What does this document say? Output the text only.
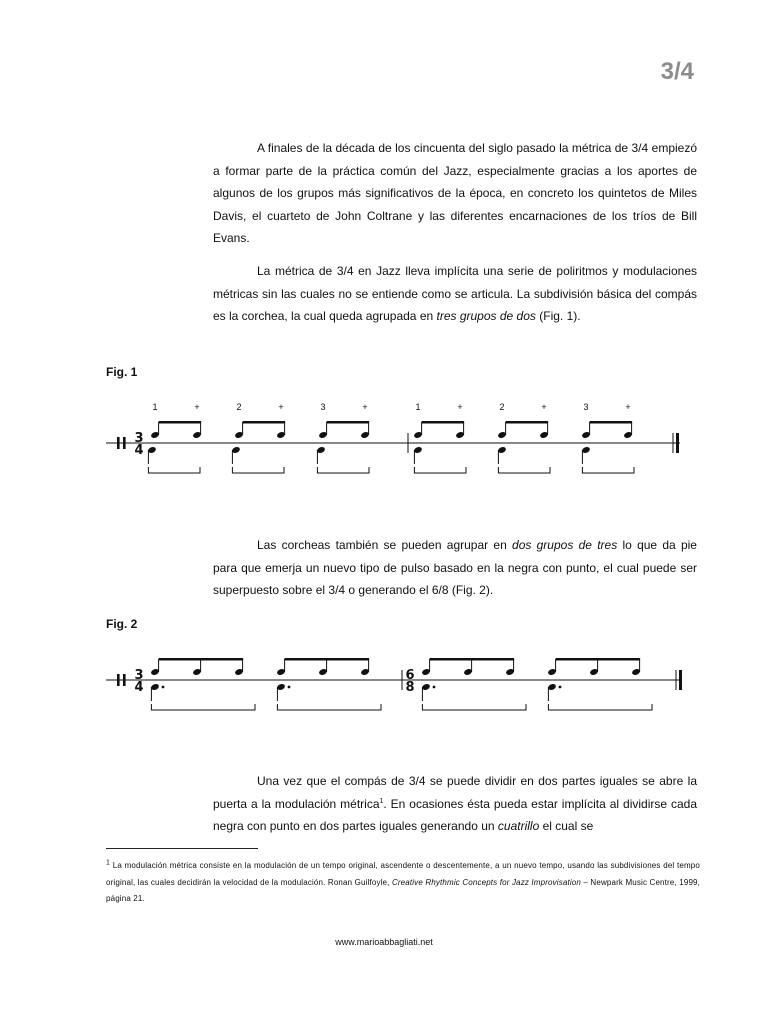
3/4

A finales de la década de los cincuenta del siglo pasado la métrica de 3/4 empiezó a formar parte de la práctica común del Jazz, especialmente gracias a los aportes de algunos de los grupos más significativos de la época, en concreto los quintetos de Miles Davis, el cuarteto de John Coltrane y las diferentes encarnaciones de los tríos de Bill Evans.

La métrica de 3/4 en Jazz lleva implícita una serie de poliritmos y modulaciones métricas sin las cuales no se entiende como se articula. La subdivisión básica del compás es la corchea, la cual queda agrupada en tres grupos de dos (Fig. 1).

Fig. 1

Las corcheas también se pueden agrupar en dos grupos de tres lo que da pie para que emerja un nuevo tipo de pulso basado en la negra con punto, el cual puede ser superpuesto sobre el 3/4 o generando el 6/8 (Fig. 2).

Fig. 2

Una vez que el compás de 3/4 se puede dividir en dos partes iguales se abre la puerta a la modulación métrica$^1$. En ocasiones ésta pueda estar implícita al dividirse cada negra con punto en dos partes iguales generando un cuatrillo el cual se

3
4
1	+	2	+	3	+	1	+	2	+	3	+
3
4
6
8

$^1$ La modulación métrica consiste en la modulación de un tempo original, ascendente o descentemente, a un nuevo tempo, usando las subdivisiones del tempo original, las cuales decidirán la velocidad de la modulación. Ronan Guilfoyle, Creative Rhythmic Concepts for Jazz Improvisation – Newpark Music Centre, 1999, página 21.

www.marioabbagliati.net
